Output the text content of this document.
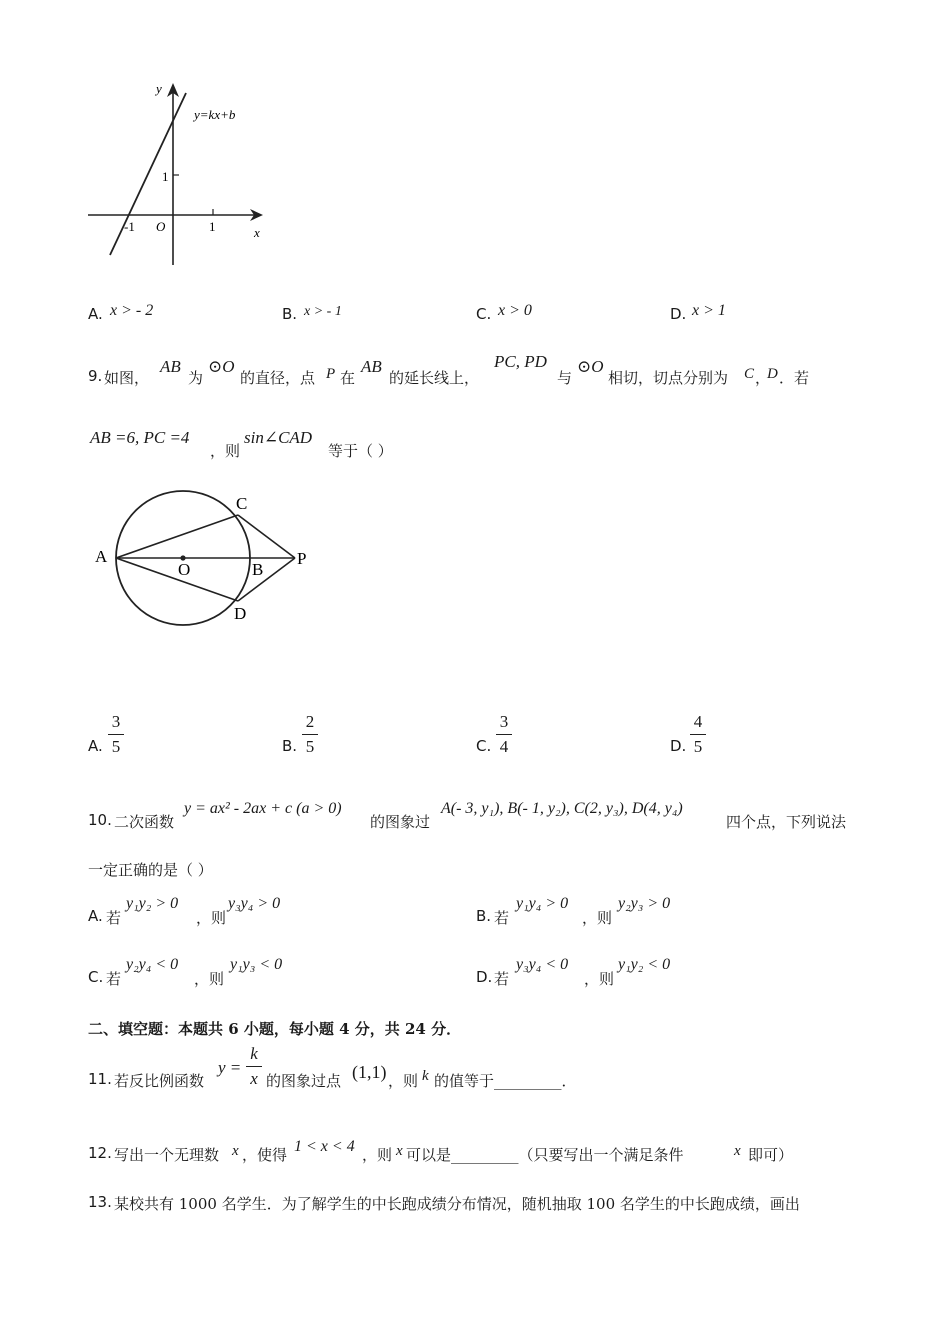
y
x
y=kx+b
O
1
-1	1
A. x > - 2	B. x > - 1	C. x > 0	D. x > 1
9. 如图，
AB
为
⊙O
的直径，点 P 在
AB
的延长线上，
PC, PD
与
⊙O
相切，切点分别为 C ，
D ．若
AB =6, PC =4
，则
sin∠CAD
等于（ ）
A
C
D
B
O
P
A.
3
5	B.
2
5	C.
3
4	D.
4
5
10. 二次函数
y = ax² - 2ax + c (a > 0)
的图象过
A(- 3, y₁), B(- 1, y₂), C(2, y₃), D(4, y₄)
四个点，下列说法
一定正确的是（ ）
A. 若
y₁y₂ > 0
，则
y₃y₄ > 0
B. 若
y₁y₄ > 0
，则
y₂y₃ > 0
C. 若
y₂y₄ < 0
，则
y₁y₃ < 0
D. 若
y₃y₄ < 0
，则
y₁y₂ < 0
二、填空题：本题共 6 小题，每小题 4 分，共 24 分．
11. 若反比例函数
y =
k
x 的图象过点 (1,1) ，则 k 的值等于_________．
12. 写出一个无理数 x ，使得 1 < x < 4 ，则 x 可以是_________（只要写出一个满足条件	x 即可）
13. 某校共有 1000 名学生．为了解学生的中长跑成绩分布情况，随机抽取 100 名学生的中长跑成绩，画出
